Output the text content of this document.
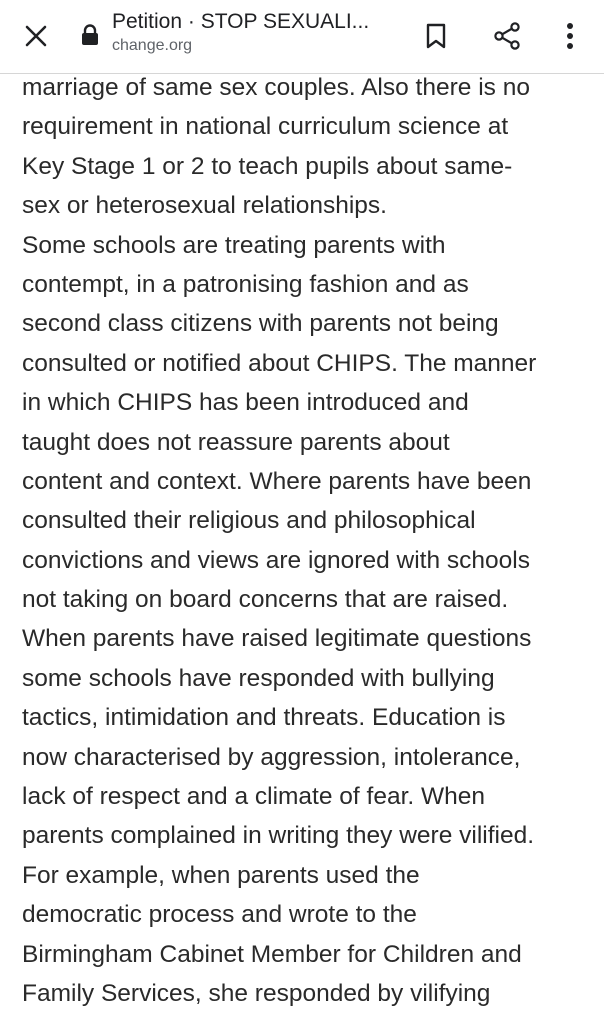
Petition · STOP SEXUALI...
change.org
marriage of same sex couples. Also there is no
requirement in national curriculum science at
Key Stage 1 or 2 to teach pupils about same-
sex or heterosexual relationships.
Some schools are treating parents with
contempt, in a patronising fashion and as
second class citizens with parents not being
consulted or notified about CHIPS. The manner
in which CHIPS has been introduced and
taught does not reassure parents about
content and context. Where parents have been
consulted their religious and philosophical
convictions and views are ignored with schools
not taking on board concerns that are raised.
When parents have raised legitimate questions
some schools have responded with bullying
tactics, intimidation and threats. Education is
now characterised by aggression, intolerance,
lack of respect and a climate of fear. When
parents complained in writing they were vilified.
For example, when parents used the
democratic process and wrote to the
Birmingham Cabinet Member for Children and
Family Services, she responded by vilifying
